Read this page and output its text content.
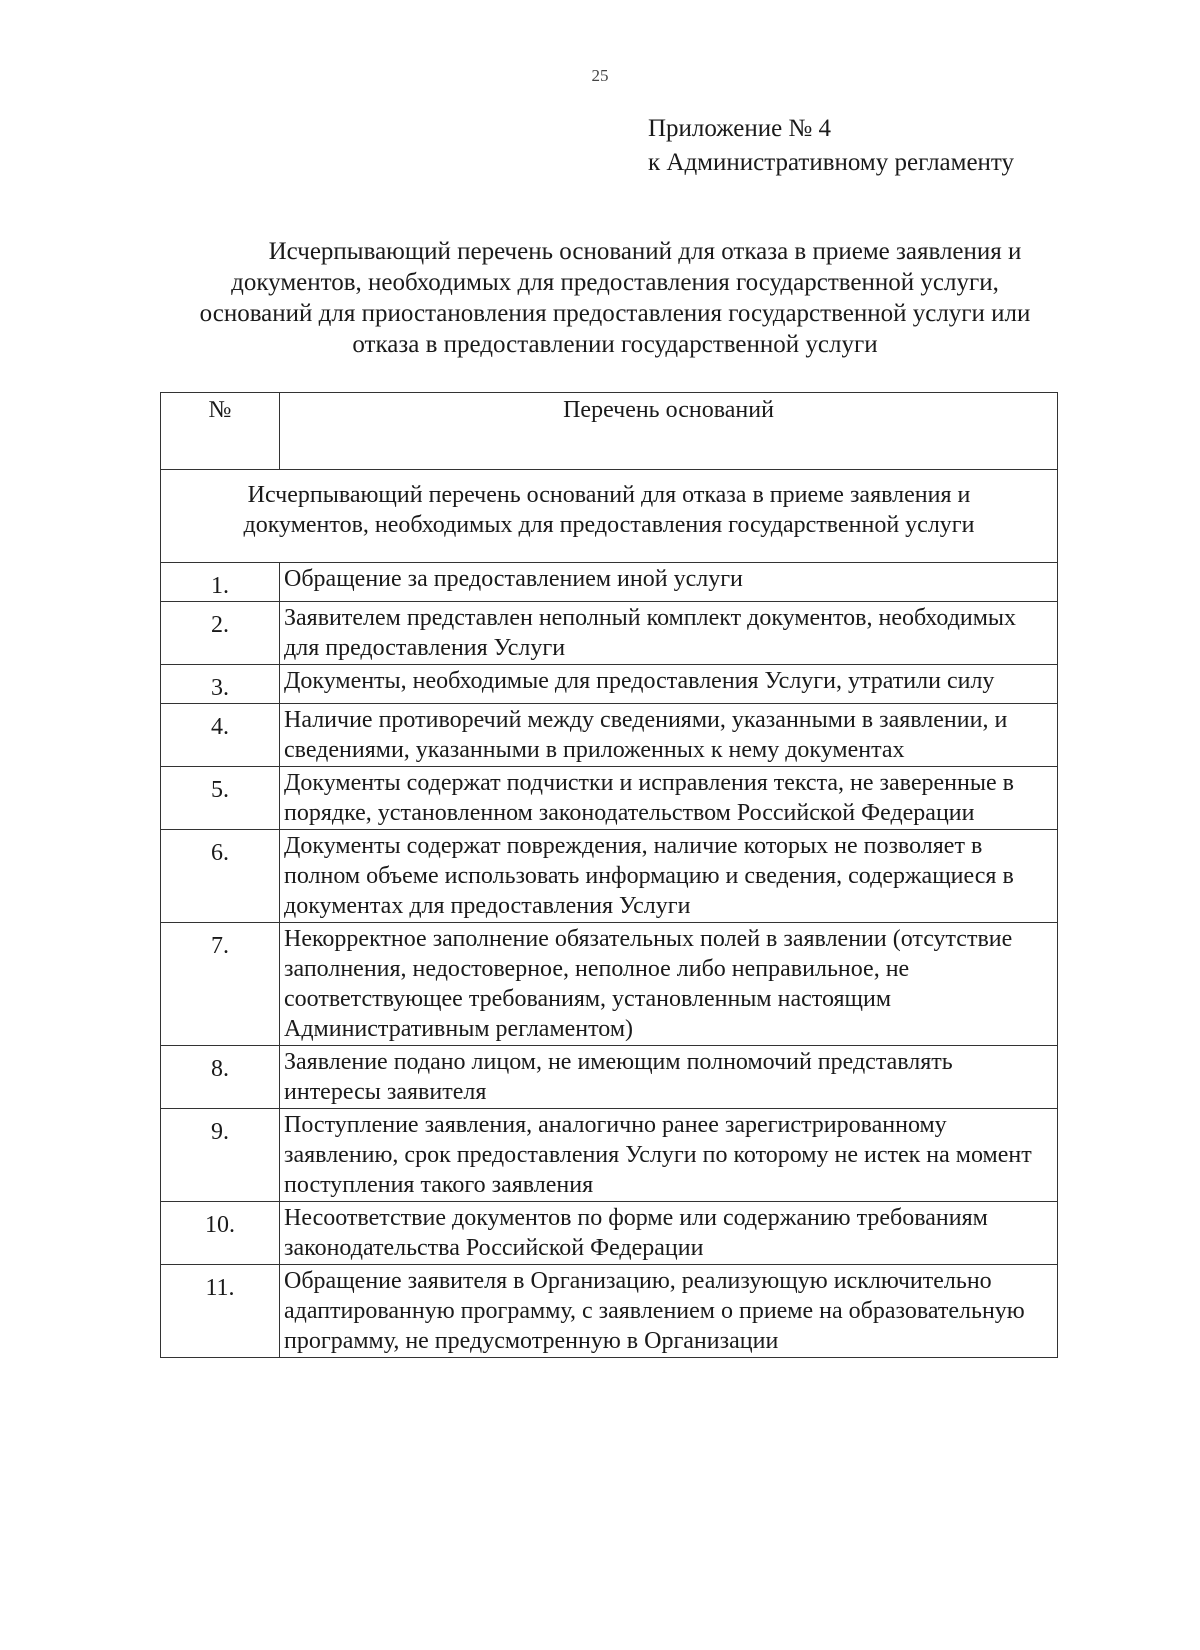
25
Приложение № 4
к Административному регламенту
Исчерпывающий перечень оснований для отказа в приеме заявления и
документов, необходимых для предоставления государственной услуги,
оснований для приостановления предоставления государственной услуги или
отказа в предоставлении государственной услуги
№	Перечень оснований

Исчерпывающий перечень оснований для отказа в приеме заявления и
документов, необходимых для предоставления государственной услуги	

1.	Обращение за предоставлением иной услуги
2.	Заявителем представлен неполный комплект документов, необходимых для предоставления Услуги
3.	Документы, необходимые для предоставления Услуги, утратили силу
4.	Наличие противоречий между сведениями, указанными в заявлении, и сведениями, указанными в приложенных к нему документах
5.	Документы содержат подчистки и исправления текста, не заверенные в порядке, установленном законодательством Российской Федерации
6.	Документы содержат повреждения, наличие которых не позволяет в полном объеме использовать информацию и сведения, содержащиеся в документах для предоставления Услуги
7.	Некорректное заполнение обязательных полей в заявлении (отсутствие заполнения, недостоверное, неполное либо неправильное, не соответствующее требованиям, установленным настоящим Административным регламентом)
8.	Заявление подано лицом, не имеющим полномочий представлять интересы заявителя
9.	Поступление заявления, аналогично ранее зарегистрированному заявлению, срок предоставления Услуги по которому не истек на момент поступления такого заявления
10.	Несоответствие документов по форме или содержанию требованиям законодательства Российской Федерации
11.	Обращение заявителя в Организацию, реализующую исключительно адаптированную программу, с заявлением о приеме на образовательную программу, не предусмотренную в Организации
